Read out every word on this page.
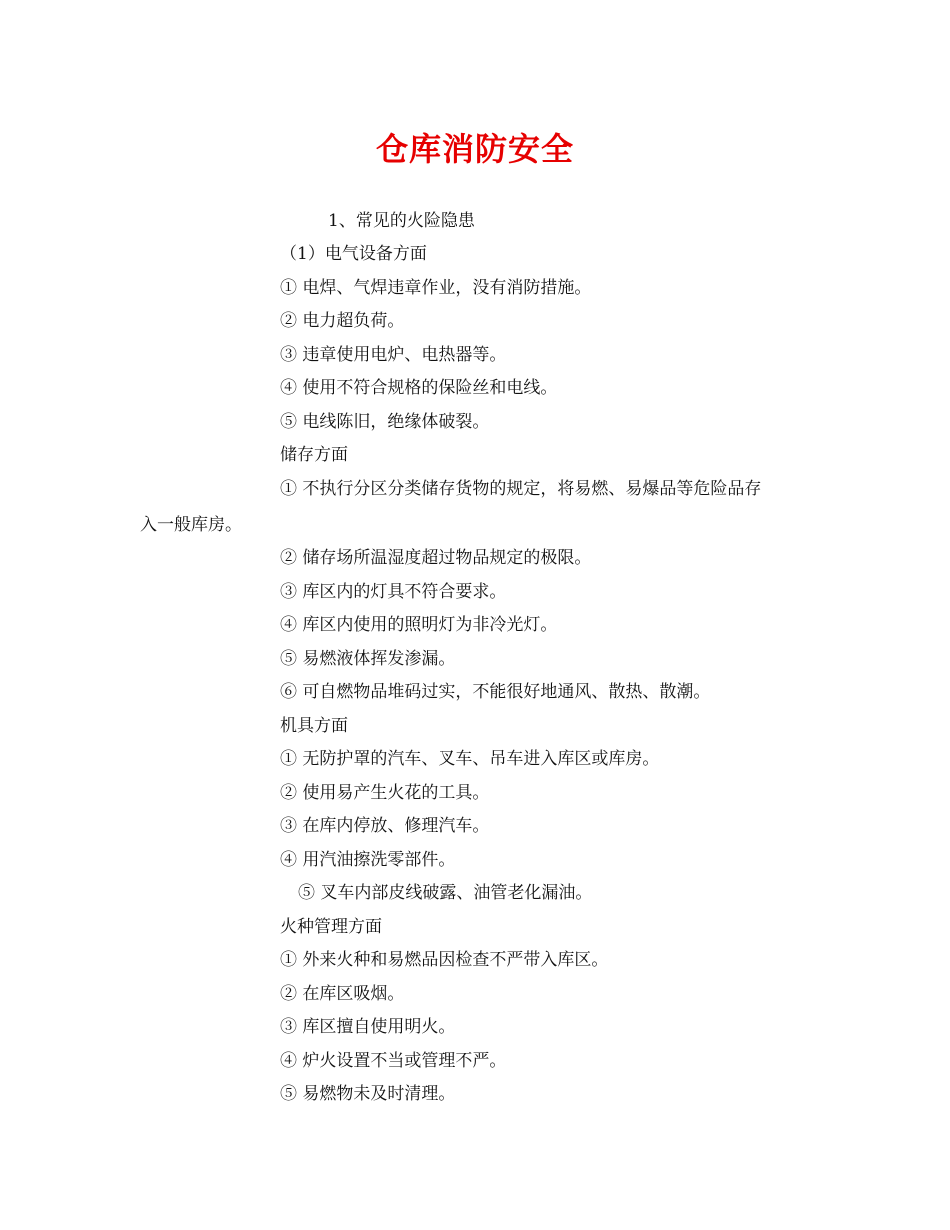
仓库消防安全
1、常见的火险隐患
（1）电气设备方面
① 电焊、气焊违章作业，没有消防措施。
② 电力超负荷。
③ 违章使用电炉、电热器等。
④ 使用不符合规格的保险丝和电线。
⑤ 电线陈旧，绝缘体破裂。
储存方面
① 不执行分区分类储存货物的规定，将易燃、易爆品等危险品存
入一般库房。
② 储存场所温湿度超过物品规定的极限。
③ 库区内的灯具不符合要求。
④ 库区内使用的照明灯为非冷光灯。
⑤ 易燃液体挥发渗漏。
⑥ 可自燃物品堆码过实，不能很好地通风、散热、散潮。
机具方面
① 无防护罩的汽车、叉车、吊车进入库区或库房。
② 使用易产生火花的工具。
③ 在库内停放、修理汽车。
④ 用汽油擦洗零部件。
⑤ 叉车内部皮线破露、油管老化漏油。
火种管理方面
① 外来火种和易燃品因检查不严带入库区。
② 在库区吸烟。
③ 库区擅自使用明火。
④ 炉火设置不当或管理不严。
⑤ 易燃物未及时清理。
